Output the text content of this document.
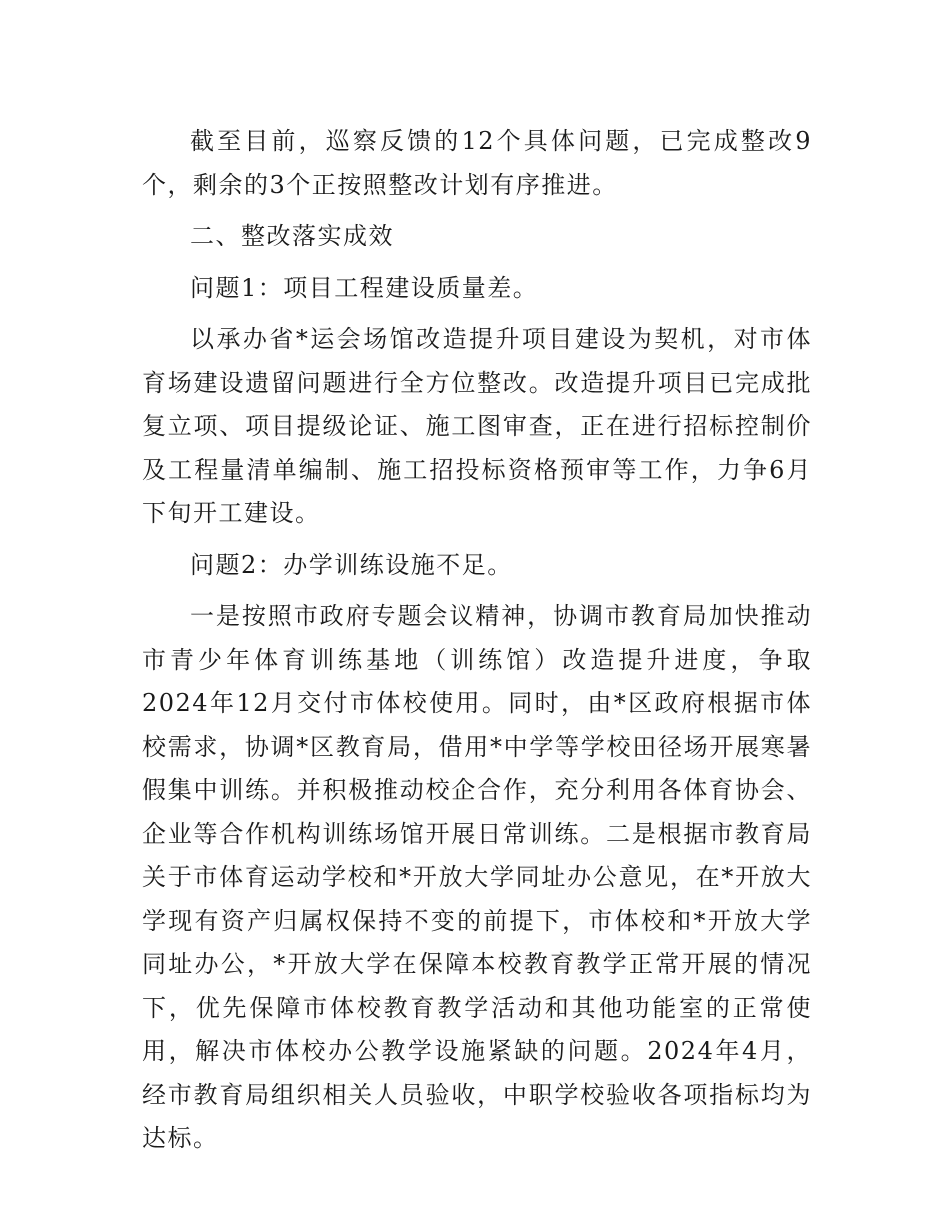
截至目前，巡察反馈的12个具体问题，已完成整改9个，剩余的3个正按照整改计划有序推进。

二、整改落实成效

问题1：项目工程建设质量差。

以承办省*运会场馆改造提升项目建设为契机，对市体育场建设遗留问题进行全方位整改。改造提升项目已完成批复立项、项目提级论证、施工图审查，正在进行招标控制价及工程量清单编制、施工招投标资格预审等工作，力争6月下旬开工建设。

问题2：办学训练设施不足。

一是按照市政府专题会议精神，协调市教育局加快推动市青少年体育训练基地（训练馆）改造提升进度，争取2024年12月交付市体校使用。同时，由*区政府根据市体校需求，协调*区教育局，借用*中学等学校田径场开展寒暑假集中训练。并积极推动校企合作，充分利用各体育协会、企业等合作机构训练场馆开展日常训练。二是根据市教育局关于市体育运动学校和*开放大学同址办公意见，在*开放大学现有资产归属权保持不变的前提下，市体校和*开放大学同址办公，*开放大学在保障本校教育教学正常开展的情况下，优先保障市体校教育教学活动和其他功能室的正常使用，解决市体校办公教学设施紧缺的问题。2024年4月，经市教育局组织相关人员验收，中职学校验收各项指标均为达标。
